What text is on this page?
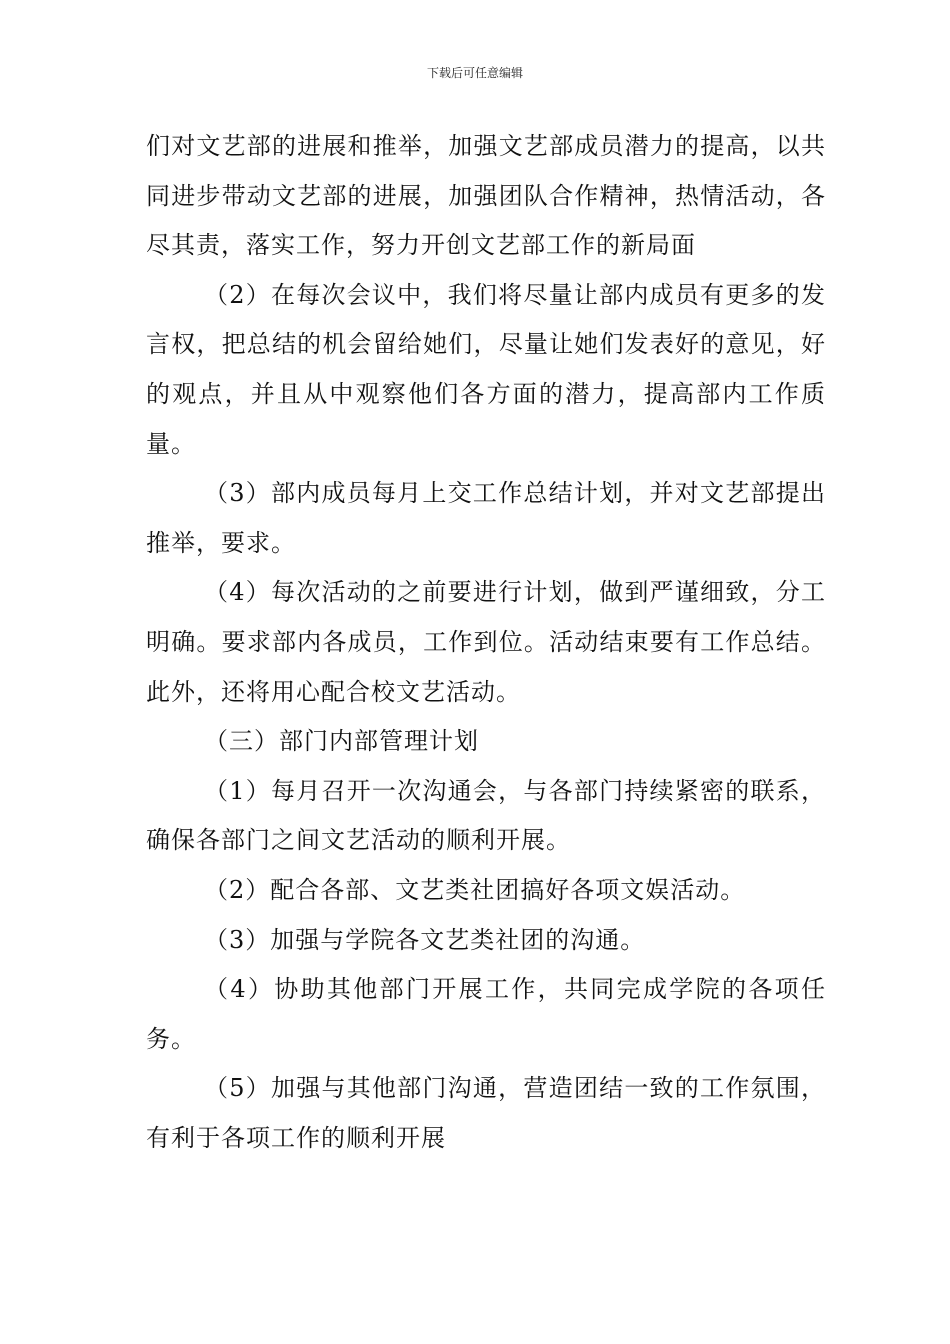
下载后可任意编辑

们对文艺部的进展和推举，加强文艺部成员潜力的提高，以共同进步带动文艺部的进展，加强团队合作精神，热情活动，各尽其责，落实工作，努力开创文艺部工作的新局面

（2）在每次会议中，我们将尽量让部内成员有更多的发言权，把总结的机会留给她们，尽量让她们发表好的意见，好的观点，并且从中观察他们各方面的潜力，提高部内工作质量。

（3）部内成员每月上交工作总结计划，并对文艺部提出推举，要求。

（4）每次活动的之前要进行计划，做到严谨细致，分工明确。要求部内各成员，工作到位。活动结束要有工作总结。此外，还将用心配合校文艺活动。

（三）部门内部管理计划

（1）每月召开一次沟通会，与各部门持续紧密的联系，确保各部门之间文艺活动的顺利开展。

（2）配合各部、文艺类社团搞好各项文娱活动。

（3）加强与学院各文艺类社团的沟通。

（4）协助其他部门开展工作，共同完成学院的各项任务。

（5）加强与其他部门沟通，营造团结一致的工作氛围，有利于各项工作的顺利开展
